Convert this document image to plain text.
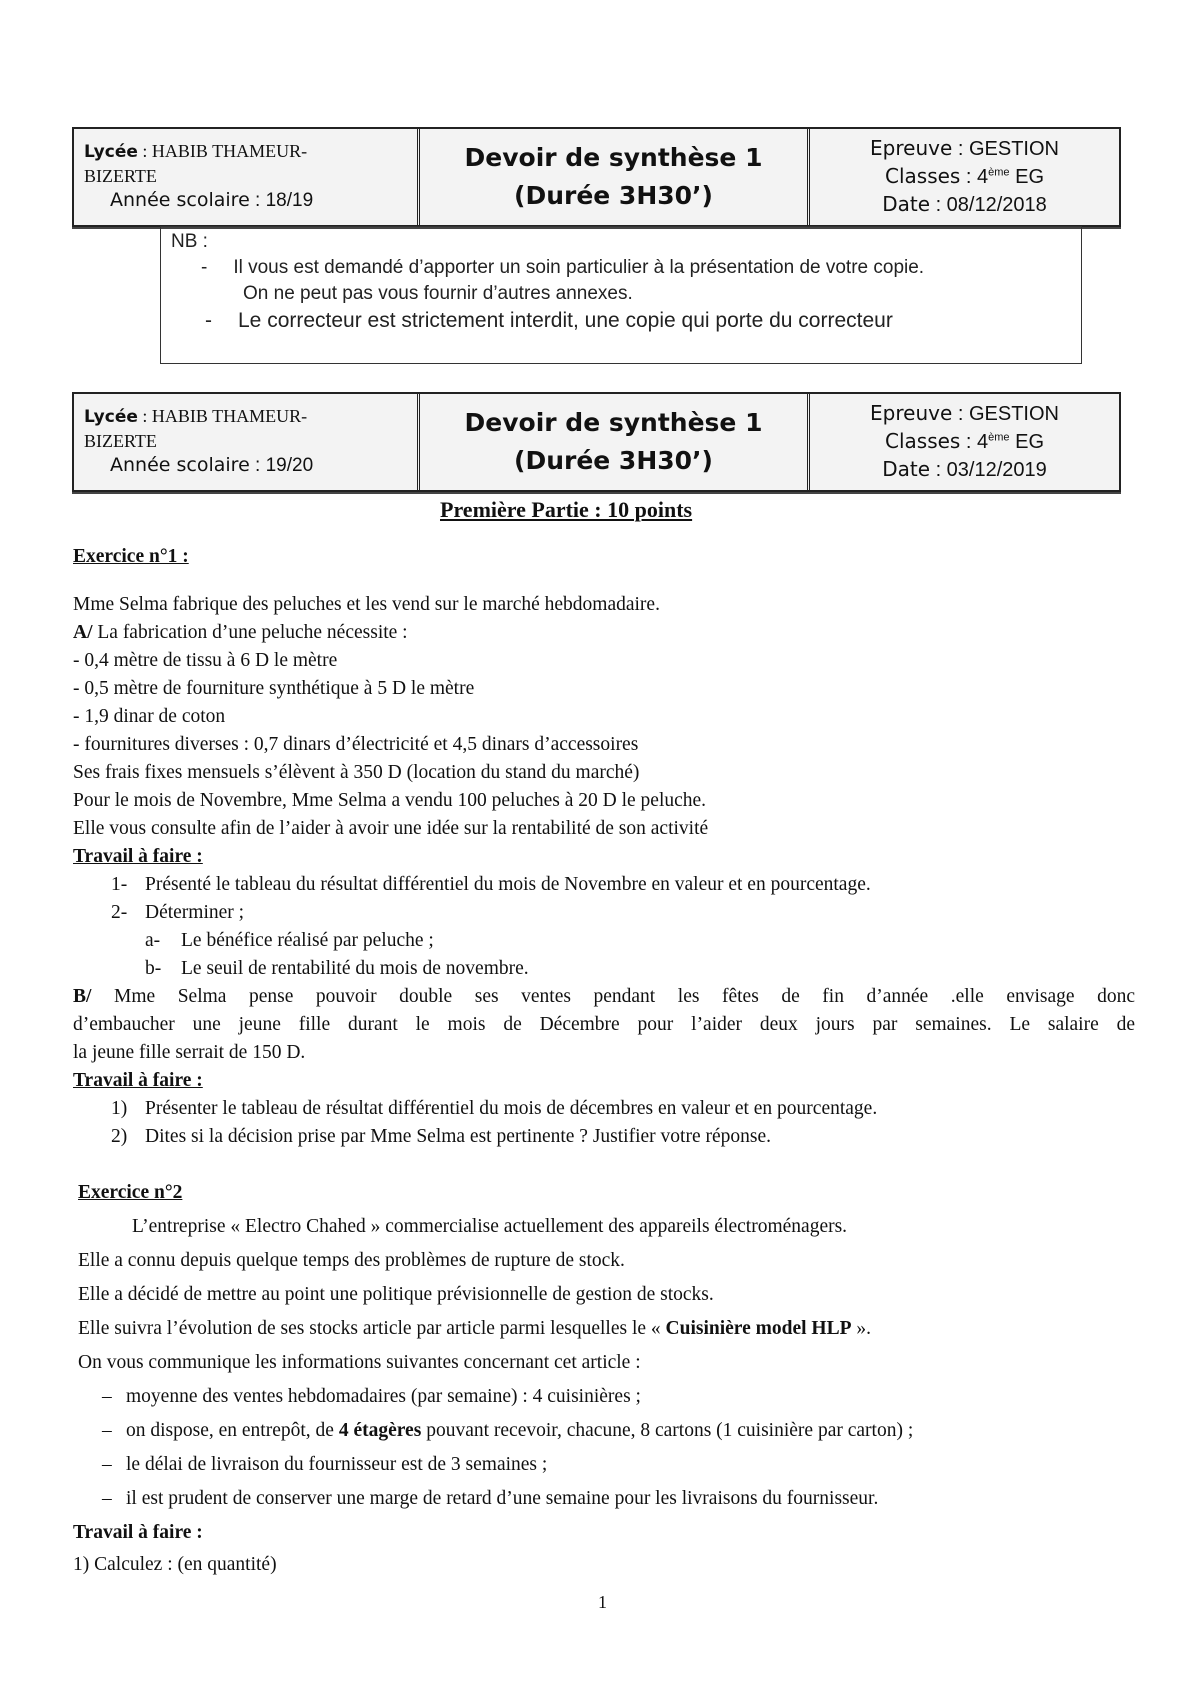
Lycée : HABIB THAMEUR-
BIZERTE
Année scolaire : 18/19
Devoir de synthèse 1
(Durée 3H30’)
Epreuve : GESTION
Classes : 4ème EG
Date : 08/12/2018
NB :
- Il vous est demandé d’apporter un soin particulier à la présentation de votre copie.
On ne peut pas vous fournir d’autres annexes.
- Le correcteur est strictement interdit, une copie qui porte du correcteur
Lycée : HABIB THAMEUR-
BIZERTE
Année scolaire : 19/20
Devoir de synthèse 1
(Durée 3H30’)
Epreuve : GESTION
Classes : 4ème EG
Date : 03/12/2019
Première Partie : 10 points
Exercice n°1 :
Mme Selma fabrique des peluches et les vend sur le marché hebdomadaire.
A/ La fabrication d’une peluche nécessite :
- 0,4 mètre de tissu à 6 D le mètre
- 0,5 mètre de fourniture synthétique à 5 D le mètre
- 1,9 dinar de coton
- fournitures diverses : 0,7 dinars d’électricité et 4,5 dinars d’accessoires
Ses frais fixes mensuels s’élèvent à 350 D (location du stand du marché)
Pour le mois de Novembre, Mme Selma a vendu 100 peluches à 20 D le peluche.
Elle vous consulte afin de l’aider à avoir une idée sur la rentabilité de son activité
Travail à faire :
1- Présenté le tableau du résultat différentiel du mois de Novembre en valeur et en pourcentage.
2- Déterminer ;
a- Le bénéfice réalisé par peluche ;
b- Le seuil de rentabilité du mois de novembre.
B/ Mme Selma pense pouvoir double ses ventes pendant les fêtes de fin d’année .elle envisage donc
d’embaucher une jeune fille durant le mois de Décembre pour l’aider deux jours par semaines. Le salaire de
la jeune fille serrait de 150 D.
Travail à faire :
1) Présenter le tableau de résultat différentiel du mois de décembres en valeur et en pourcentage.
2) Dites si la décision prise par Mme Selma est pertinente ? Justifier votre réponse.
Exercice n°2
L’entreprise « Electro Chahed » commercialise actuellement des appareils électroménagers.
Elle a connu depuis quelque temps des problèmes de rupture de stock.
Elle a décidé de mettre au point une politique prévisionnelle de gestion de stocks.
Elle suivra l’évolution de ses stocks article par article parmi lesquelles le « Cuisinière model HLP ».
On vous communique les informations suivantes concernant cet article :
– moyenne des ventes hebdomadaires (par semaine) : 4 cuisinières ;
– on dispose, en entrepôt, de 4 étagères pouvant recevoir, chacune, 8 cartons (1 cuisinière par carton) ;
– le délai de livraison du fournisseur est de 3 semaines ;
– il est prudent de conserver une marge de retard d’une semaine pour les livraisons du fournisseur.
Travail à faire :
1) Calculez : (en quantité)
1
